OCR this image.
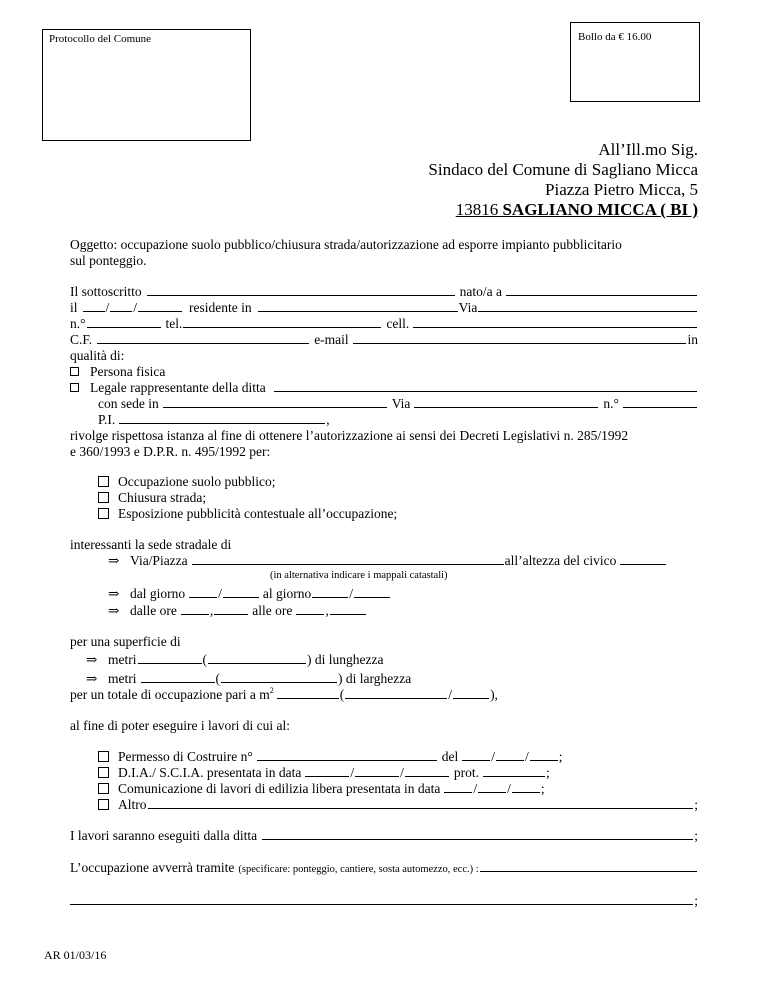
Protocollo del Comune	Bollo da € 16.00
All’Ill.mo Sig.
Sindaco del Comune di Sagliano Micca
Piazza Pietro Micca, 5
13816 SAGLIANO MICCA ( BI )
Oggetto: occupazione suolo pubblico/chiusura strada/autorizzazione ad esporre impianto pubblicitario
sul ponteggio.
Il sottoscritto	nato/a a
il /
/	residente in	Via
n.°	tel.	cell.
C.F.	e-mail	in
qualità di:
Persona fisica
Legale rappresentante della ditta
con sede in	Via	n.°
P.I.	,
rivolge rispettosa istanza al fine di ottenere l’autorizzazione ai sensi dei Decreti Legislativi n. 285/1992
e 360/1993 e D.P.R. n. 495/1992 per:
Occupazione suolo pubblico;
Chiusura strada;
Esposizione pubblicità contestuale all’occupazione;
interessanti la sede stradale di
⇒ Via/Piazza	all’altezza del civico
(in alternativa indicare i mappali catastali)
⇒ dal giorno /	al giorno	/
⇒ dalle ore ,	alle ore ,
per una superficie di
⇒ metri	(	) di lunghezza
⇒ metri	(	) di larghezza
per un totale di occupazione pari a $m^2$	(	/	),
al fine di poter eseguire i lavori di cui al:
Permesso di Costruire n°	del /
/
;
D.I.A./ S.C.I.A. presentata in data	/	/	prot.	;
Comunicazione di lavori di edilizia libera presentata in data /
/
;
Altro	;
I lavori saranno eseguiti dalla ditta	;
L’occupazione avverrà tramite (specificare: ponteggio, cantiere, sosta automezzo, ecc.) :
;
AR 01/03/16
